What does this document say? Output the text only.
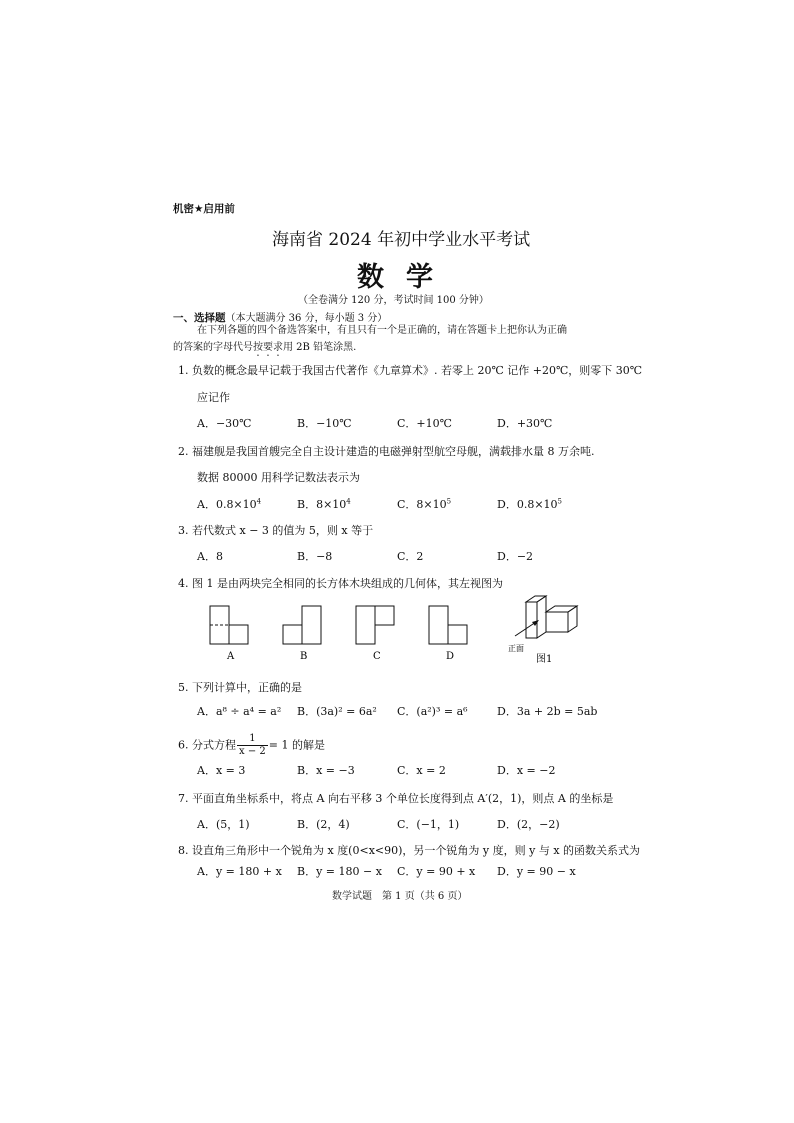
机密★启用前
海南省 2024 年初中学业水平考试
数学
（全卷满分 120 分，考试时间 100 分钟）
一、选择题（本大题满分 36 分，每小题 3 分）
在下列各题的四个备选答案中，有且只有一个是正确的，请在答题卡上把你认为正确
的答案的字母代号按要求用 2B 铅笔涂黑.
1. 负数的概念最早记载于我国古代著作《九章算术》. 若零上 20℃ 记作 +20℃，则零下 30℃
应记作
A．−30℃	B．−10℃	C．+10℃	D．+30℃
2. 福建舰是我国首艘完全自主设计建造的电磁弹射型航空母舰，满载排水量 8 万余吨.
数据 80000 用科学记数法表示为
A．$0.8\times 10^4$	B．$8\times 10^4$	C．$8\times 10^5$	D．$0.8\times 10^5$
3. 若代数式 x − 3 的值为 5，则 x 等于
A．8	B．−8	C．2	D．−2
4. 图 1 是由两块完全相同的长方体木块组成的几何体，其左视图为
A	B	C	D
正面
图1
5. 下列计算中，正确的是
A．a⁸ ÷ a⁴ = a² B．(3a)² = 6a² C．(a²)³ = a⁶	D．3a + 2b = 5ab
6. 分式方程 $\frac{1}{x - 2} = 1$ 的解是
A．x = 3	B．x = −3	C．x = 2	D．x = −2
7. 平面直角坐标系中，将点 A 向右平移 3 个单位长度得到点 A′(2，1)，则点 A 的坐标是
A．(5，1)	B．(2，4)	C．(−1，1)	D．(2，−2)
8. 设直角三角形中一个锐角为 x 度(0<x<90)，另一个锐角为 y 度，则 y 与 x 的函数关系式为
A．y = 180 + x B．y = 180 − x C．y = 90 + x D．y = 90 − x
数学试题　第 1 页（共 6 页）
